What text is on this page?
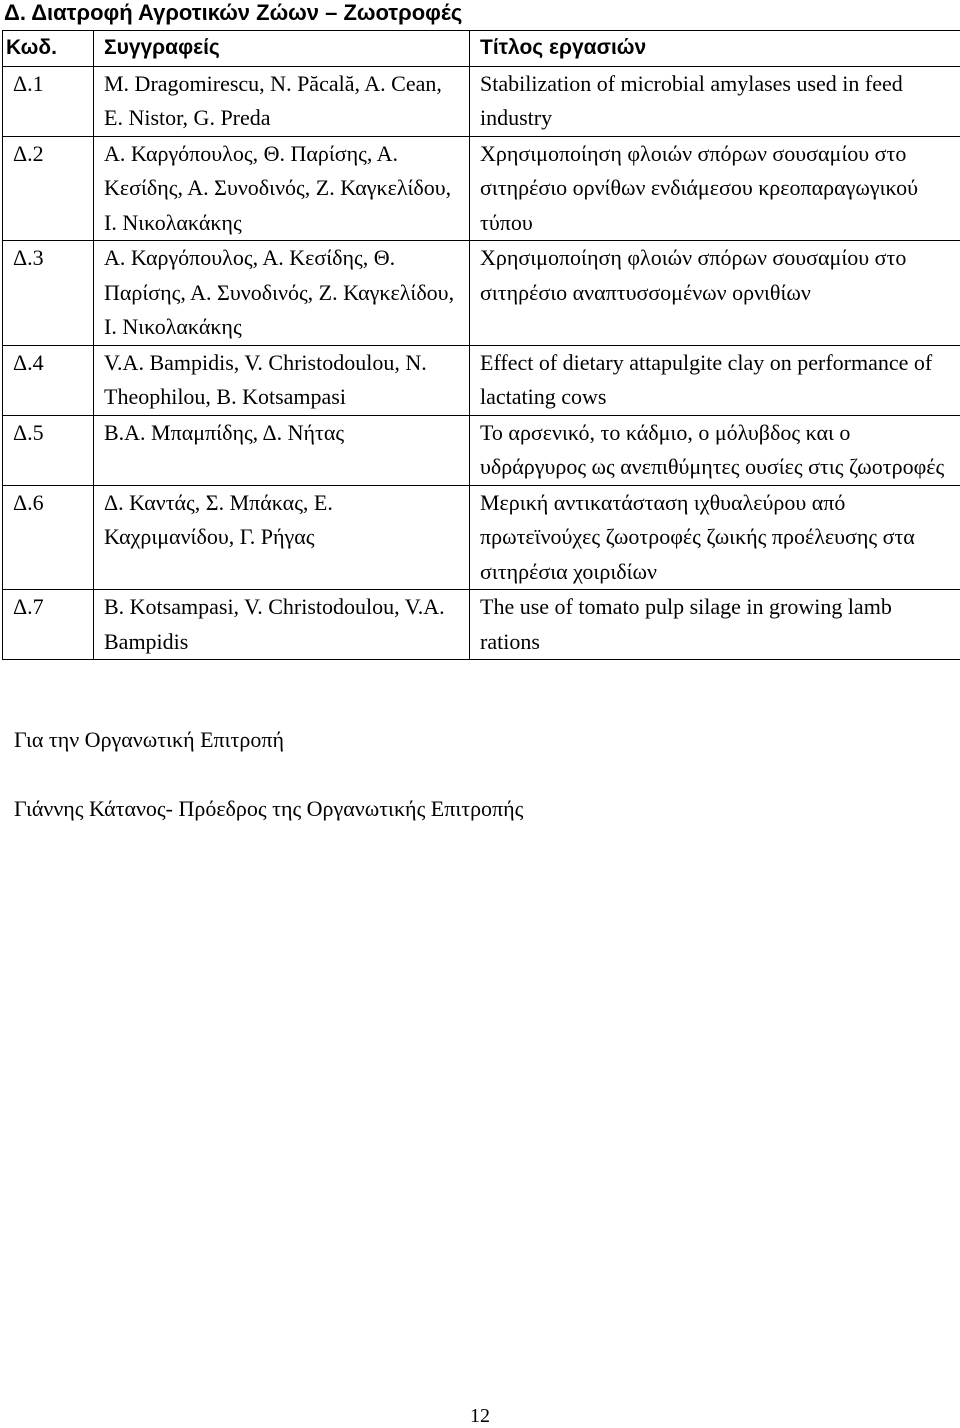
Δ. Διατροφή Αγροτικών Ζώων – Ζωοτροφές
Κωδ.	Συγγραφείς	Τίτλος εργασιών
Δ.1	M. Dragomirescu, N. Păcală, A. Cean, E. Nistor, G. Preda	Stabilization of microbial amylases used in feed industry
Δ.2	Α. Καργόπουλος, Θ. Παρίσης, Α. Κεσίδης, Α. Συνοδινός, Ζ. Καγκελίδου, Ι. Νικολακάκης	Χρησιμοποίηση φλοιών σπόρων σουσαμίου στο σιτηρέσιο ορνίθων ενδιάμεσου κρεοπαραγωγικού τύπου
Δ.3	Α. Καργόπουλος, Α. Κεσίδης, Θ. Παρίσης, Α. Συνοδινός, Ζ. Καγκελίδου, Ι. Νικολακάκης	Χρησιμοποίηση φλοιών σπόρων σουσαμίου στο σιτηρέσιο αναπτυσσομένων ορνιθίων
Δ.4	V.A. Bampidis, V. Christodoulou, N. Theophilou, B. Kotsampasi	Effect of dietary attapulgite clay on performance of lactating cows
Δ.5	Β.Α. Μπαμπίδης, Δ. Νήτας	Το αρσενικό, το κάδμιο, ο μόλυβδος και ο υδράργυρος ως ανεπιθύμητες ουσίες στις ζωοτροφές
Δ.6	Δ. Καντάς, Σ. Μπάκας, Ε. Καχριμανίδου, Γ. Ρήγας	Μερική αντικατάσταση ιχθυαλεύρου από πρωτεϊνούχες ζωοτροφές ζωικής προέλευσης στα σιτηρέσια χοιριδίων
Δ.7	B. Kotsampasi, V. Christodoulou, V.A. Bampidis	The use of tomato pulp silage in growing lamb rations
Για την Οργανωτική Επιτροπή
Γιάννης Κάτανος- Πρόεδρος της Οργανωτικής Επιτροπής
12
